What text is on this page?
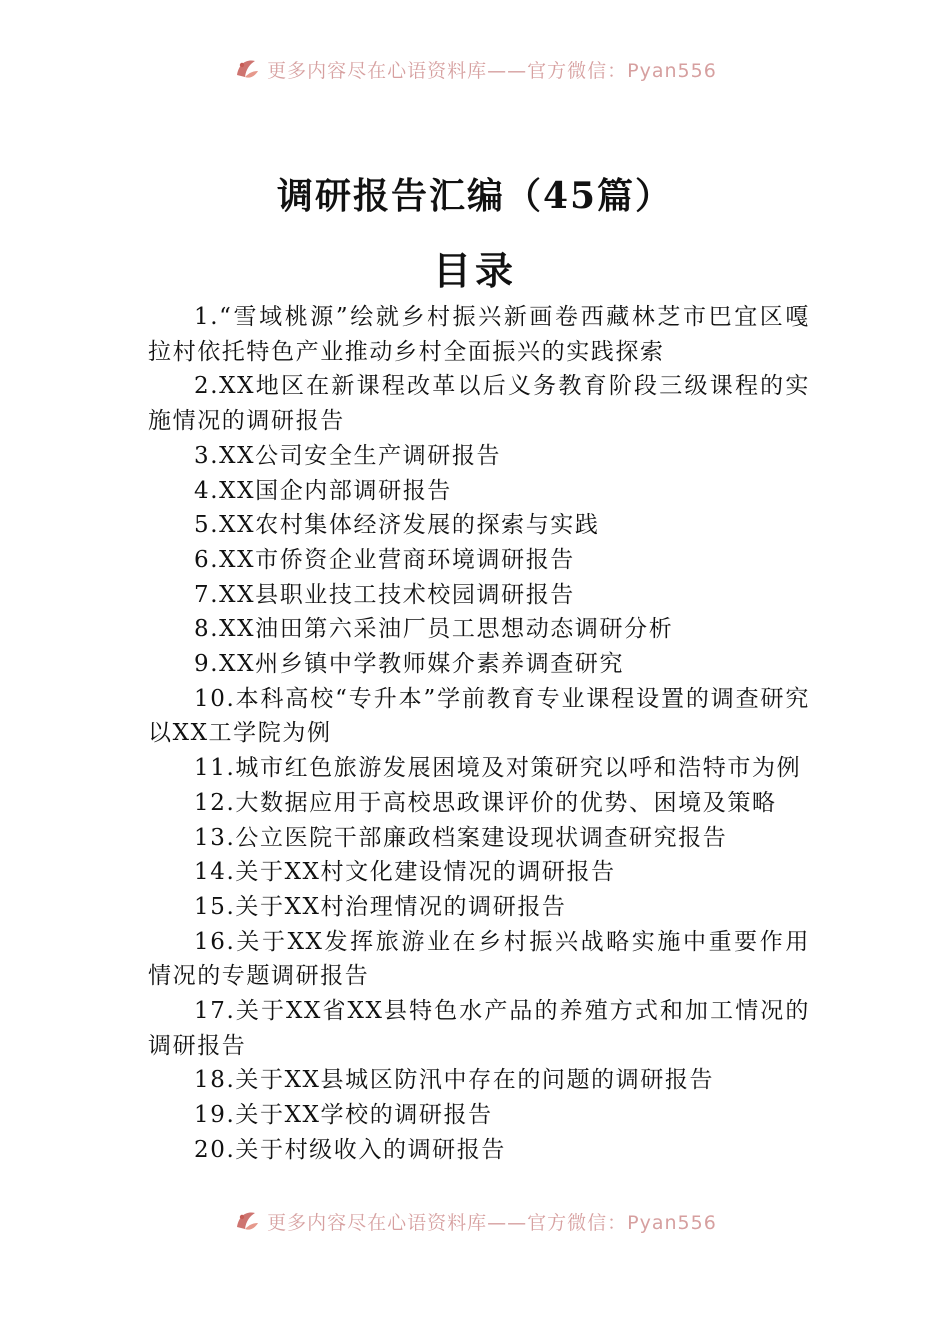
更多内容尽在心语资料库——官方微信：Pyan556
调研报告汇编（45篇）
目录
1.“雪域桃源”绘就乡村振兴新画卷西藏林芝市巴宜区嘎拉村依托特色产业推动乡村全面振兴的实践探索
2.XX地区在新课程改革以后义务教育阶段三级课程的实施情况的调研报告
3.XX公司安全生产调研报告
4.XX国企内部调研报告
5.XX农村集体经济发展的探索与实践
6.XX市侨资企业营商环境调研报告
7.XX县职业技工技术校园调研报告
8.XX油田第六采油厂员工思想动态调研分析
9.XX州乡镇中学教师媒介素养调查研究
10.本科高校“专升本”学前教育专业课程设置的调查研究以XX工学院为例
11.城市红色旅游发展困境及对策研究以呼和浩特市为例
12.大数据应用于高校思政课评价的优势、困境及策略
13.公立医院干部廉政档案建设现状调查研究报告
14.关于XX村文化建设情况的调研报告
15.关于XX村治理情况的调研报告
16.关于XX发挥旅游业在乡村振兴战略实施中重要作用情况的专题调研报告
17.关于XX省XX县特色水产品的养殖方式和加工情况的调研报告
18.关于XX县城区防汛中存在的问题的调研报告
19.关于XX学校的调研报告
20.关于村级收入的调研报告
更多内容尽在心语资料库——官方微信：Pyan556
